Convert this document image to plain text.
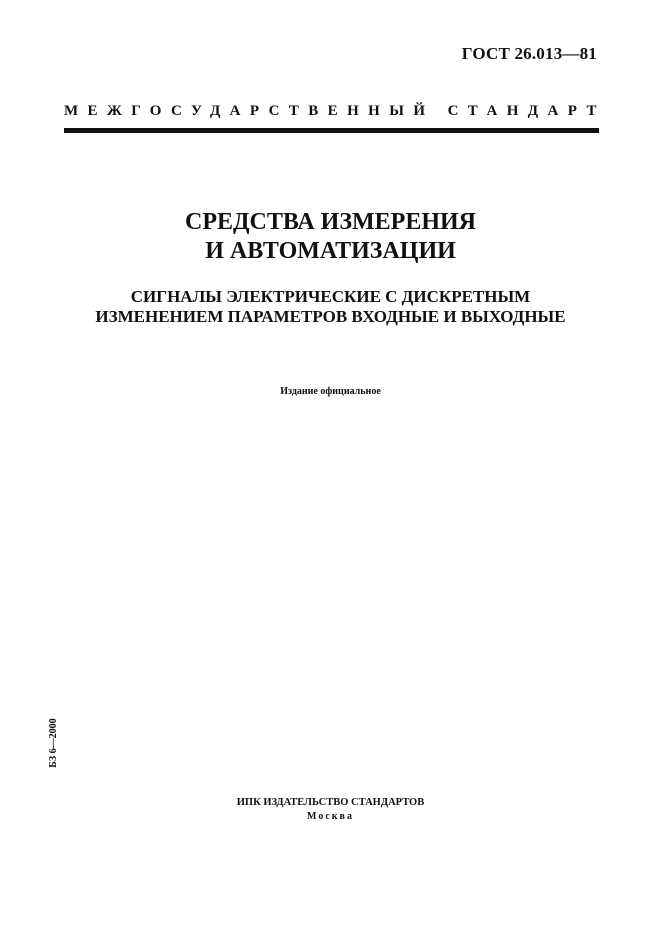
ГОСТ 26.013—81
МЕЖГОСУДАРСТВЕННЫЙ СТАНДАРТ
СРЕДСТВА ИЗМЕРЕНИЯ
И АВТОМАТИЗАЦИИ
СИГНАЛЫ ЭЛЕКТРИЧЕСКИЕ С ДИСКРЕТНЫМ
ИЗМЕНЕНИЕМ ПАРАМЕТРОВ ВХОДНЫЕ И ВЫХОДНЫЕ
Издание официальное
БЗ 6—2000
ИПК ИЗДАТЕЛЬСТВО СТАНДАРТОВ
Москва
